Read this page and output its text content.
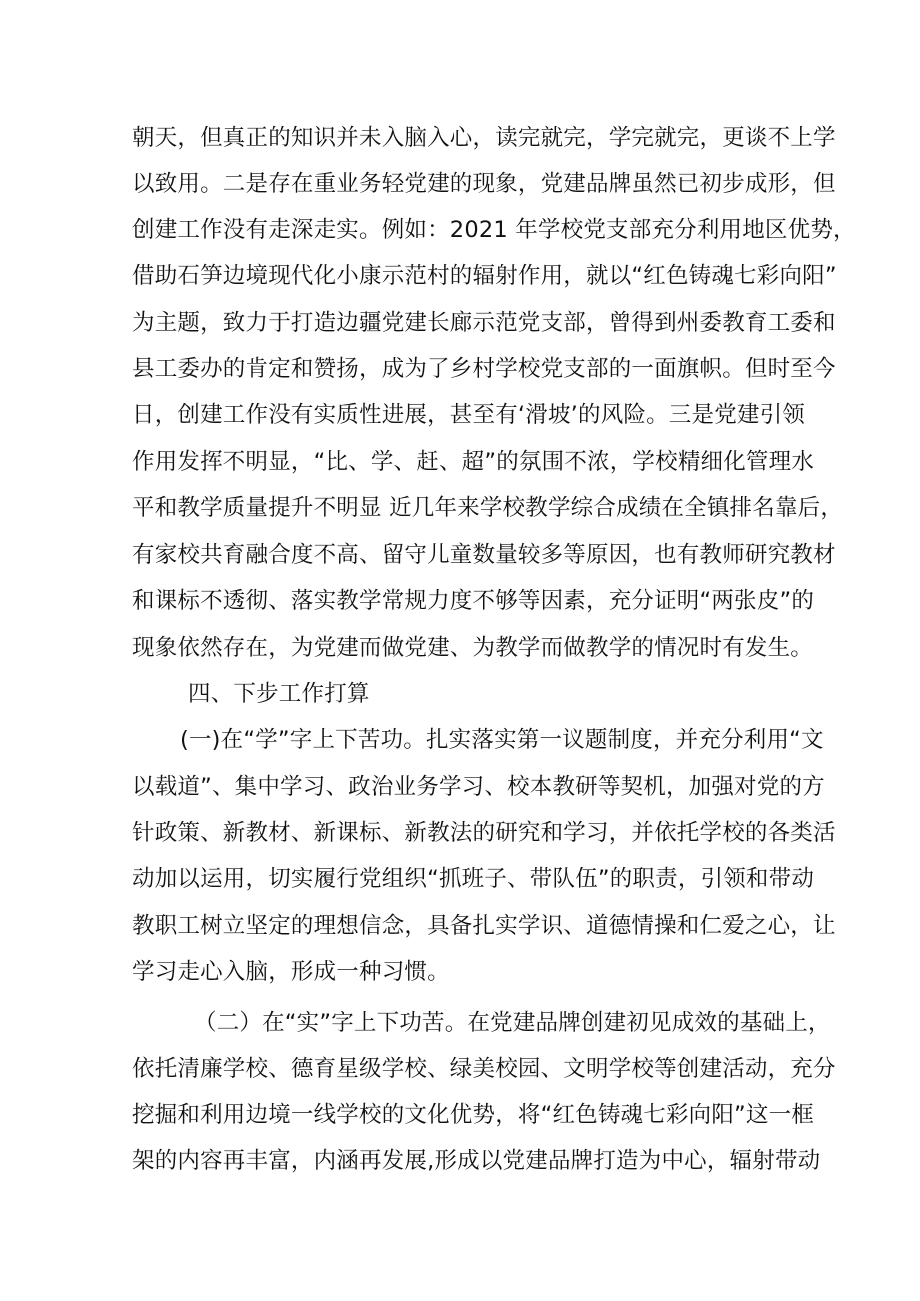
朝天，但真正的知识并未入脑入心，读完就完，学完就完，更谈不上学
以致用。二是存在重业务轻党建的现象，党建品牌虽然已初步成形，但
创建工作没有走深走实。例如：2021 年学校党支部充分利用地区优势，
借助石笋边境现代化小康示范村的辐射作用，就以“红色铸魂七彩向阳”
为主题，致力于打造边疆党建长廊示范党支部，曾得到州委教育工委和
县工委办的肯定和赞扬，成为了乡村学校党支部的一面旗帜。但时至今
日，创建工作没有实质性进展，甚至有‘滑坡’的风险。三是党建引领
作用发挥不明显，“比、学、赶、超”的氛围不浓，学校精细化管理水
平和教学质量提升不明显 近几年来学校教学综合成绩在全镇排名靠后，
有家校共育融合度不高、留守儿童数量较多等原因，也有教师研究教材
和课标不透彻、落实教学常规力度不够等因素，充分证明“两张皮”的
现象依然存在，为党建而做党建、为教学而做教学的情况时有发生。
四、下步工作打算
(一)在“学”字上下苦功。扎实落实第一议题制度，并充分利用“文
以载道”、集中学习、政治业务学习、校本教研等契机，加强对党的方
针政策、新教材、新课标、新教法的研究和学习，并依托学校的各类活
动加以运用，切实履行党组织“抓班子、带队伍”的职责，引领和带动
教职工树立坚定的理想信念，具备扎实学识、道德情操和仁爱之心，让
学习走心入脑，形成一种习惯。
（二）在“实”字上下功苦。在党建品牌创建初见成效的基础上，
依托清廉学校、德育星级学校、绿美校园、文明学校等创建活动，充分
挖掘和利用边境一线学校的文化优势，将“红色铸魂七彩向阳”这一框
架的内容再丰富，内涵再发展,形成以党建品牌打造为中心，辐射带动
